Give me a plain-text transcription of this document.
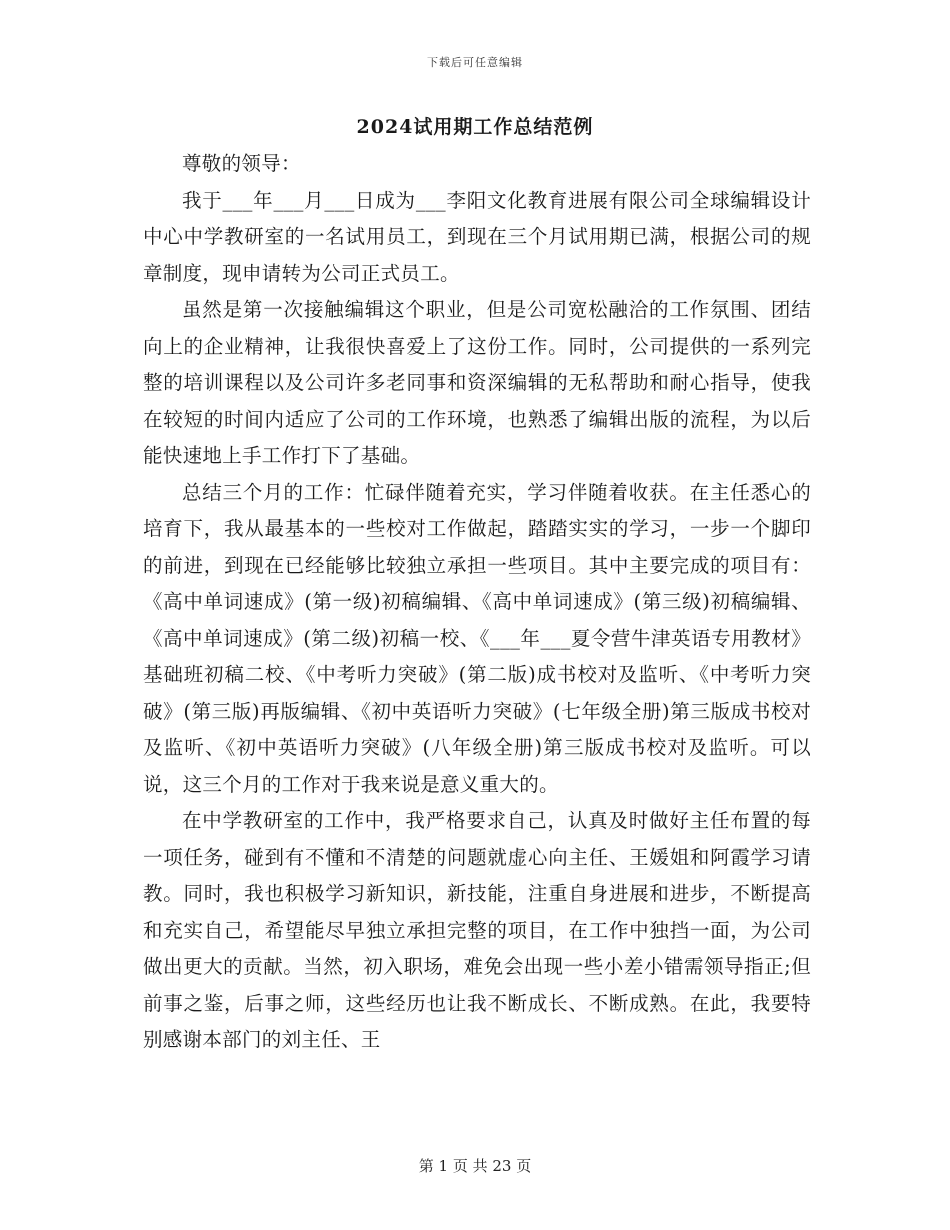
下载后可任意编辑
2024试用期工作总结范例

尊敬的领导：

我于___年___月___日成为___李阳文化教育进展有限公司全球编辑设计中心中学教研室的一名试用员工，到现在三个月试用期已满，根据公司的规章制度，现申请转为公司正式员工。

虽然是第一次接触编辑这个职业，但是公司宽松融洽的工作氛围、团结向上的企业精神，让我很快喜爱上了这份工作。同时，公司提供的一系列完整的培训课程以及公司许多老同事和资深编辑的无私帮助和耐心指导，使我在较短的时间内适应了公司的工作环境，也熟悉了编辑出版的流程，为以后能快速地上手工作打下了基础。

总结三个月的工作：忙碌伴随着充实，学习伴随着收获。在主任悉心的培育下，我从最基本的一些校对工作做起，踏踏实实的学习，一步一个脚印的前进，到现在已经能够比较独立承担一些项目。其中主要完成的项目有：《高中单词速成》(第一级)初稿编辑、《高中单词速成》(第三级)初稿编辑、《高中单词速成》(第二级)初稿一校、《___年___夏令营牛津英语专用教材》基础班初稿二校、《中考听力突破》(第二版)成书校对及监听、《中考听力突破》(第三版)再版编辑、《初中英语听力突破》(七年级全册)第三版成书校对及监听、《初中英语听力突破》(八年级全册)第三版成书校对及监听。可以说，这三个月的工作对于我来说是意义重大的。

在中学教研室的工作中，我严格要求自己，认真及时做好主任布置的每一项任务，碰到有不懂和不清楚的问题就虚心向主任、王媛姐和阿霞学习请教。同时，我也积极学习新知识，新技能，注重自身进展和进步，不断提高和充实自己，希望能尽早独立承担完整的项目，在工作中独挡一面，为公司做出更大的贡献。当然，初入职场，难免会出现一些小差小错需领导指正;但前事之鉴，后事之师，这些经历也让我不断成长、不断成熟。在此，我要特别感谢本部门的刘主任、王

第 1 页 共 23 页
